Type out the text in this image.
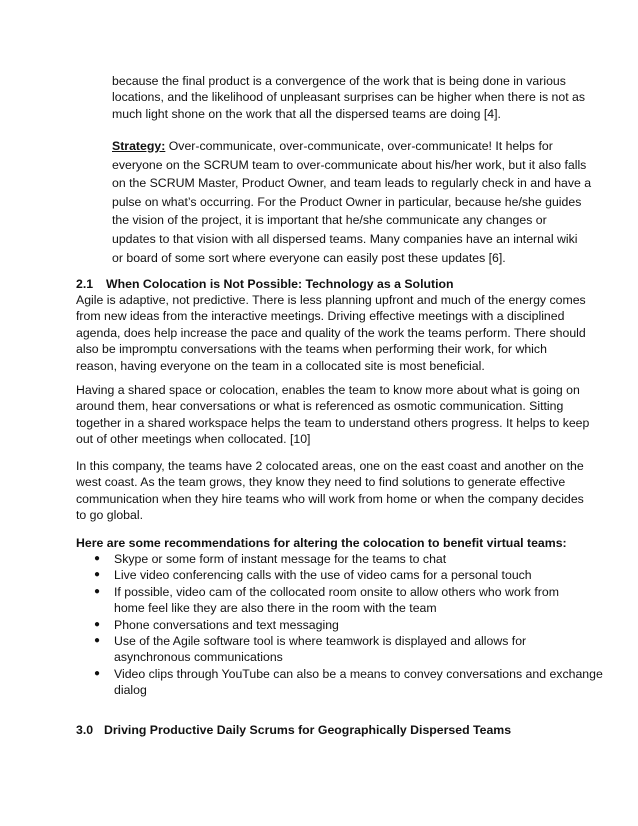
because the final product is a convergence of the work that is being done in various
locations, and the likelihood of unpleasant surprises can be higher when there is not as
much light shone on the work that all the dispersed teams are doing [4].
Strategy: Over-communicate, over-communicate, over-communicate! It helps for
everyone on the SCRUM team to over-communicate about his/her work, but it also falls
on the SCRUM Master, Product Owner, and team leads to regularly check in and have a
pulse on what’s occurring. For the Product Owner in particular, because he/she guides
the vision of the project, it is important that he/she communicate any changes or
updates to that vision with all dispersed teams. Many companies have an internal wiki
or board of some sort where everyone can easily post these updates [6].
2.1 When Colocation is Not Possible: Technology as a Solution
Agile is adaptive, not predictive. There is less planning upfront and much of the energy comes
from new ideas from the interactive meetings. Driving effective meetings with a disciplined
agenda, does help increase the pace and quality of the work the teams perform. There should
also be impromptu conversations with the teams when performing their work, for which
reason, having everyone on the team in a collocated site is most beneficial.
Having a shared space or colocation, enables the team to know more about what is going on
around them, hear conversations or what is referenced as osmotic communication. Sitting
together in a shared workspace helps the team to understand others progress. It helps to keep
out of other meetings when collocated. [10]
In this company, the teams have 2 colocated areas, one on the east coast and another on the
west coast. As the team grows, they know they need to find solutions to generate effective
communication when they hire teams who will work from home or when the company decides
to go global.
Here are some recommendations for altering the colocation to benefit virtual teams:
● Skype or some form of instant message for the teams to chat
● Live video conferencing calls with the use of video cams for a personal touch
● If possible, video cam of the collocated room onsite to allow others who work from
home feel like they are also there in the room with the team
● Phone conversations and text messaging
● Use of the Agile software tool is where teamwork is displayed and allows for
asynchronous communications
● Video clips through YouTube can also be a means to convey conversations and exchange
dialog
3.0 Driving Productive Daily Scrums for Geographically Dispersed Teams
